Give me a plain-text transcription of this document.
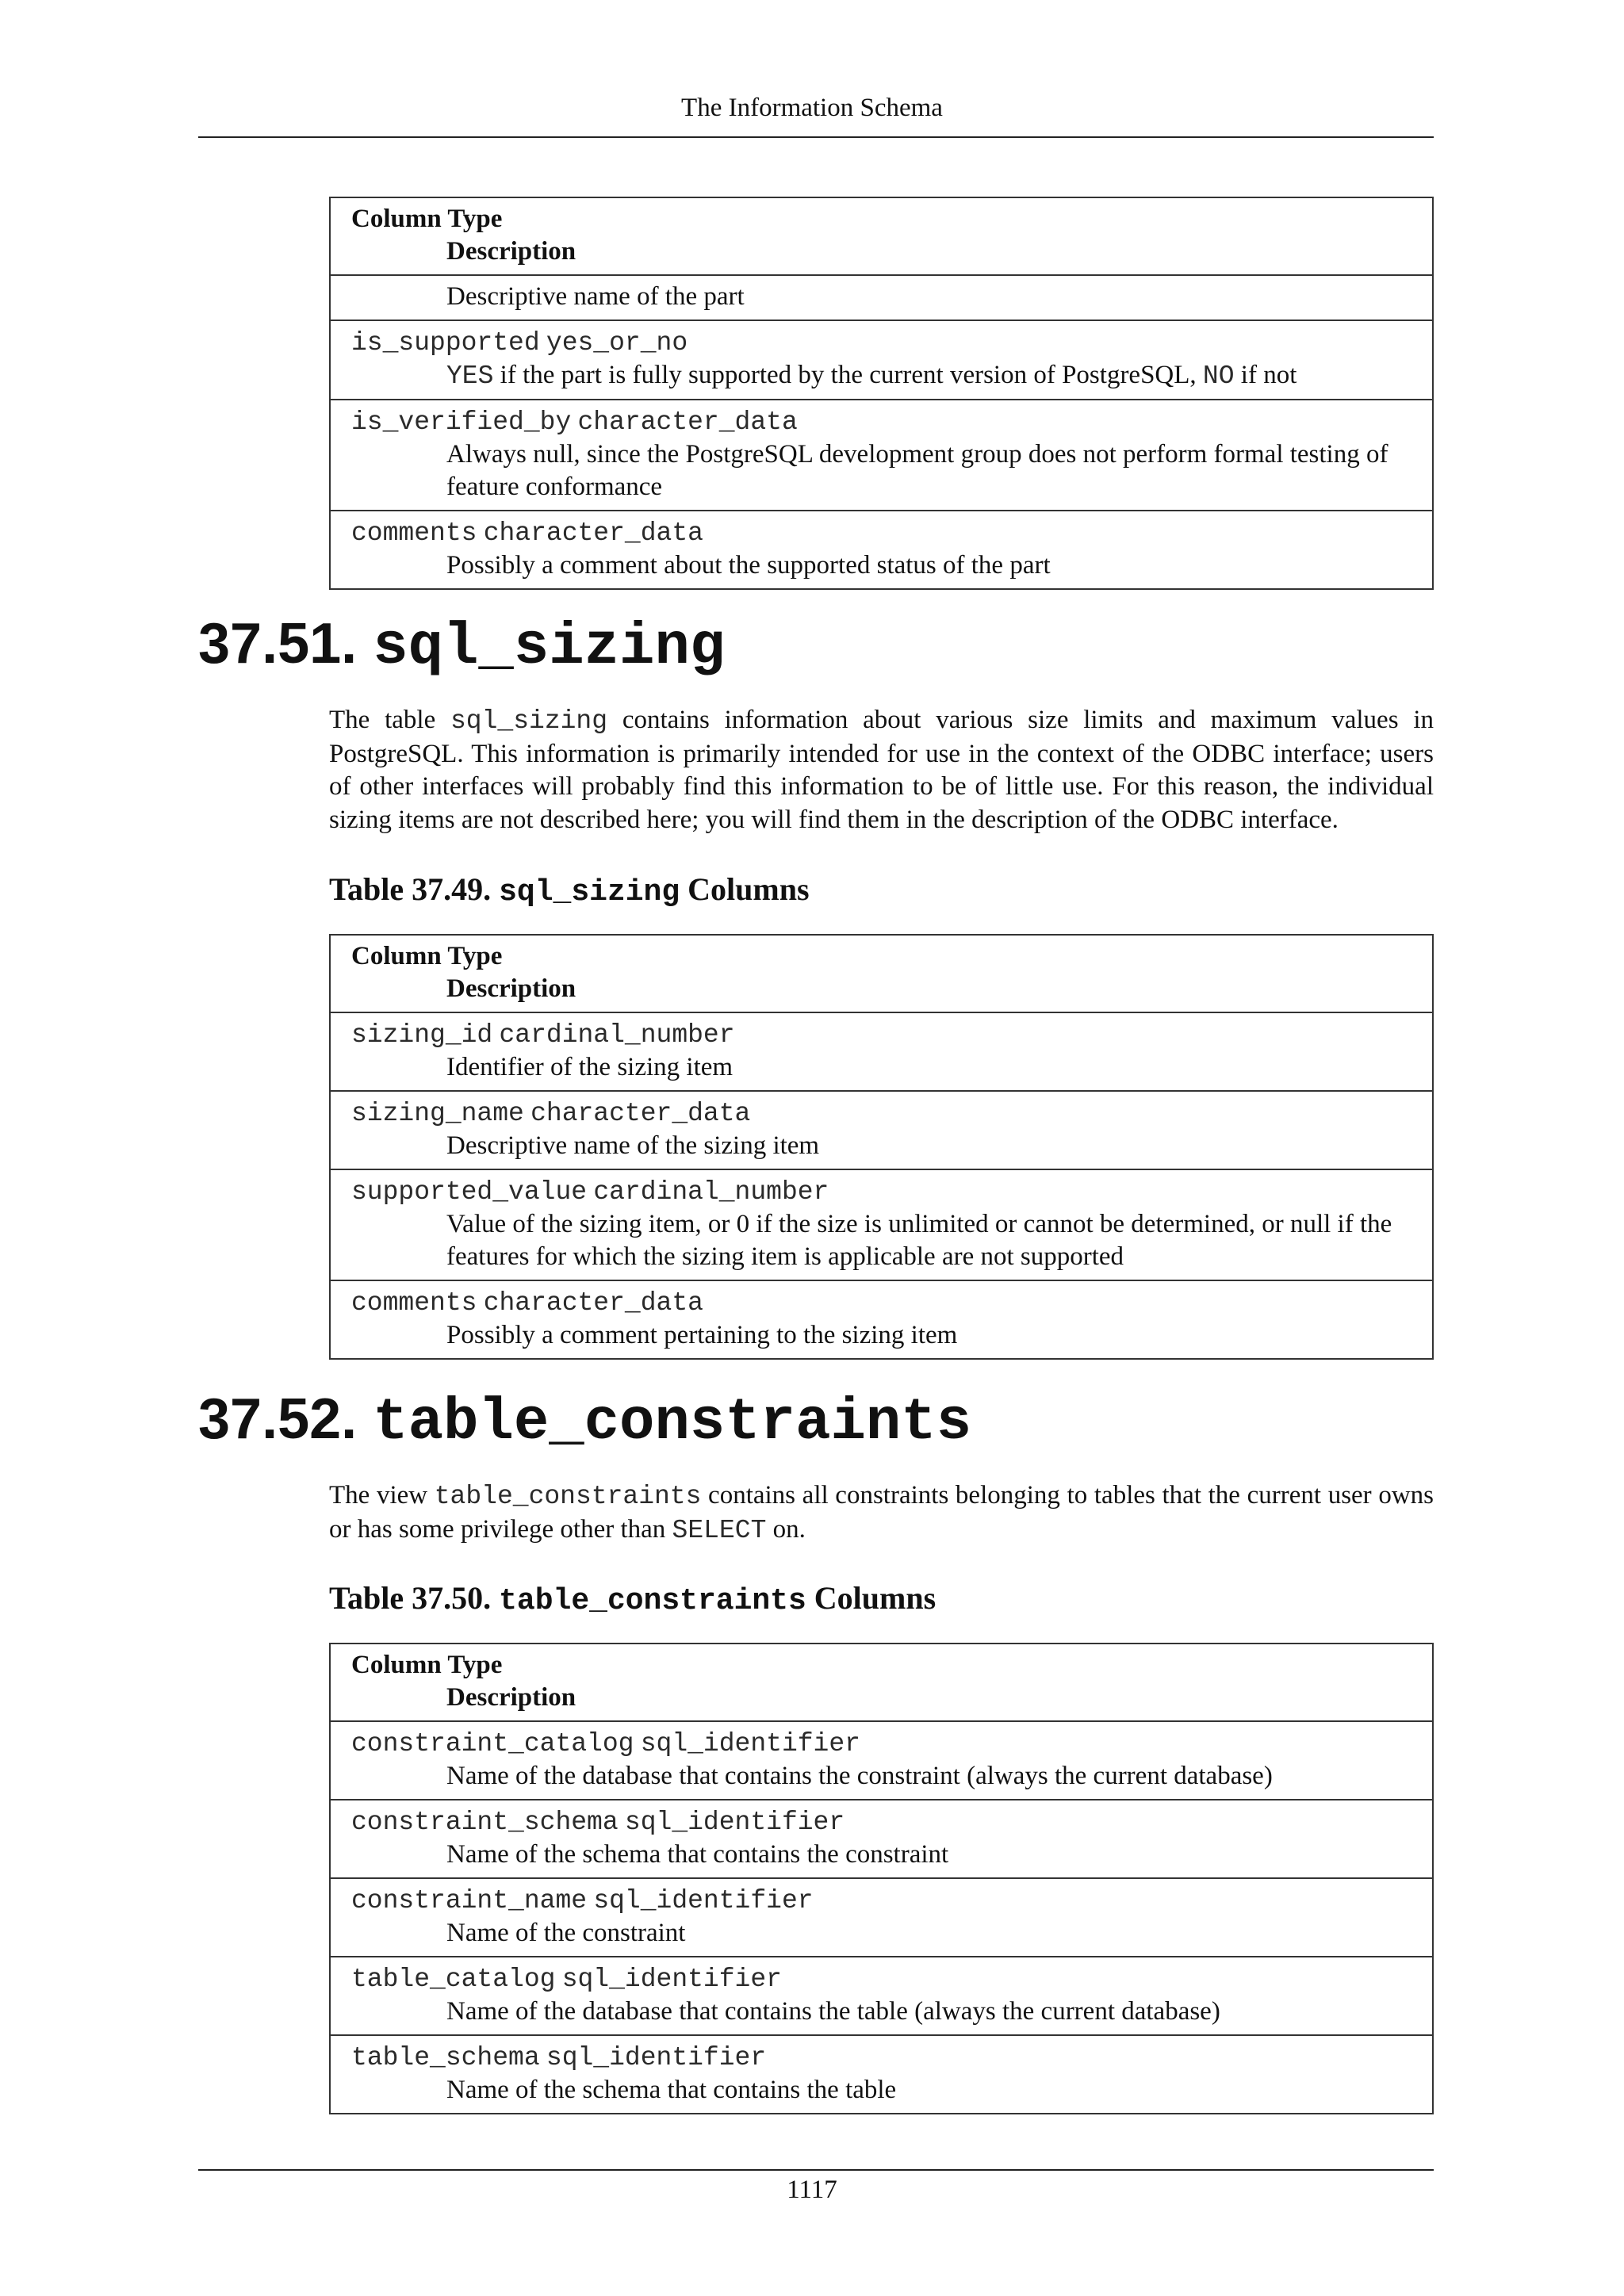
The Information Schema
Column Type
Description

Descriptive name of the part

is_supported yes_or_no
YES if the part is fully supported by the current version of PostgreSQL, NO if not

is_verified_by character_data
Always null, since the PostgreSQL development group does not perform formal testing of feature conformance

comments character_data
Possibly a comment about the supported status of the part
37.51. sql_sizing

The table sql_sizing contains information about various size limits and maximum values in PostgreSQL. This information is primarily intended for use in the context of the ODBC interface; users of other interfaces will probably find this information to be of little use. For this reason, the individual sizing items are not described here; you will find them in the description of the ODBC interface.

Table 37.49. sql_sizing Columns
Column Type
Description

sizing_id cardinal_number
Identifier of the sizing item

sizing_name character_data
Descriptive name of the sizing item

supported_value cardinal_number
Value of the sizing item, or 0 if the size is unlimited or cannot be determined, or null if the features for which the sizing item is applicable are not supported

comments character_data
Possibly a comment pertaining to the sizing item
37.52. table_constraints

The view table_constraints contains all constraints belonging to tables that the current user owns or has some privilege other than SELECT on.

Table 37.50. table_constraints Columns
Column Type
Description

constraint_catalog sql_identifier
Name of the database that contains the constraint (always the current database)

constraint_schema sql_identifier
Name of the schema that contains the constraint

constraint_name sql_identifier
Name of the constraint

table_catalog sql_identifier
Name of the database that contains the table (always the current database)

table_schema sql_identifier
Name of the schema that contains the table
1117
